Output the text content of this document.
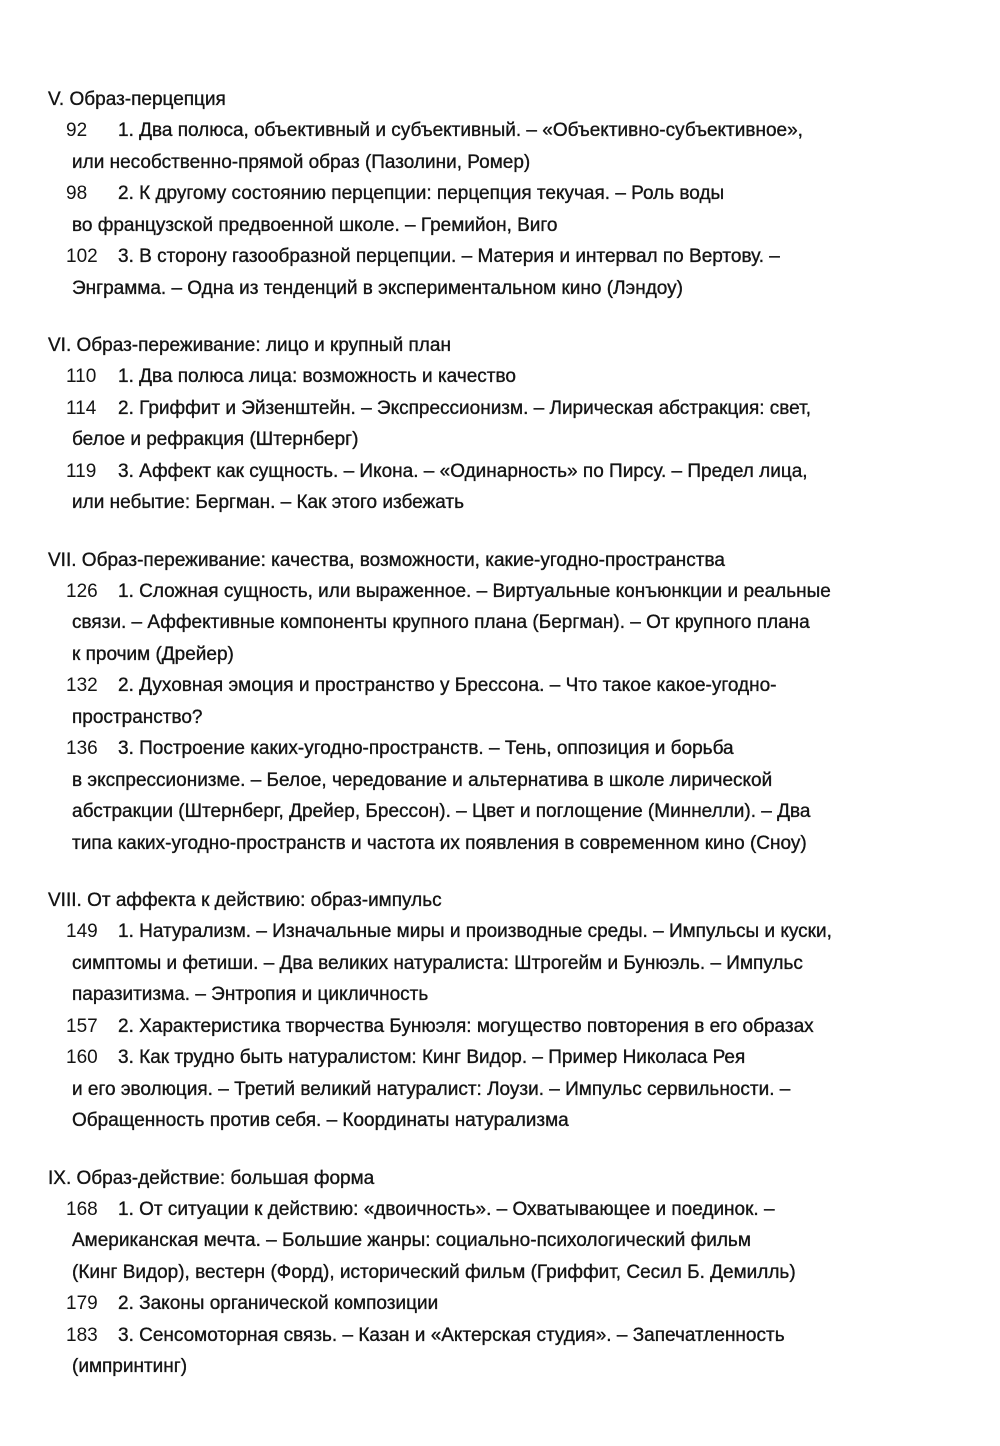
V. Образ-перцепция
92 1. Два полюса, объективный и субъективный. – «Объективно-субъективное»,
или несобственно-прямой образ (Пазолини, Ромер)
98 2. К другому состоянию перцепции: перцепция текучая. – Роль воды
во французской предвоенной школе. – Гремийон, Виго
102 3. В сторону газообразной перцепции. – Материя и интервал по Вертову. –
Энграмма. – Одна из тенденций в экспериментальном кино (Лэндоу)
VI. Образ-переживание: лицо и крупный план
110 1. Два полюса лица: возможность и качество
114 2. Гриффит и Эйзенштейн. – Экспрессионизм. – Лирическая абстракция: свет,
белое и рефракция (Штернберг)
119 3. Аффект как сущность. – Икона. – «Одинарность» по Пирсу. – Предел лица,
или небытие: Бергман. – Как этого избежать
VII. Образ-переживание: качества, возможности, какие-угодно-пространства
126 1. Сложная сущность, или выраженное. – Виртуальные конъюнкции и реальные
связи. – Аффективные компоненты крупного плана (Бергман). – От крупного плана
к прочим (Дрейер)
132 2. Духовная эмоция и пространство у Брессона. – Что такое какое-угодно-
пространство?
136 3. Построение каких-угодно-пространств. – Тень, оппозиция и борьба
в экспрессионизме. – Белое, чередование и альтернатива в школе лирической
абстракции (Штернберг, Дрейер, Брессон). – Цвет и поглощение (Миннелли). – Два
типа каких-угодно-пространств и частота их появления в современном кино (Сноу)
VIII. От аффекта к действию: образ-импульс
149 1. Натурализм. – Изначальные миры и производные среды. – Импульсы и куски,
симптомы и фетиши. – Два великих натуралиста: Штрогейм и Бунюэль. – Импульс
паразитизма. – Энтропия и цикличность
157 2. Характеристика творчества Бунюэля: могущество повторения в его образах
160 3. Как трудно быть натуралистом: Кинг Видор. – Пример Николаса Рея
и его эволюция. – Третий великий натуралист: Лоузи. – Импульс сервильности. –
Обращенность против себя. – Координаты натурализма
IX. Образ-действие: большая форма
168 1. От ситуации к действию: «двоичность». – Охватывающее и поединок. –
Американская мечта. – Большие жанры: социально-психологический фильм
(Кинг Видор), вестерн (Форд), исторический фильм (Гриффит, Сесил Б. Демилль)
179 2. Законы органической композиции
183 3. Сенсомоторная связь. – Казан и «Актерская студия». – Запечатленность
(импринтинг)
